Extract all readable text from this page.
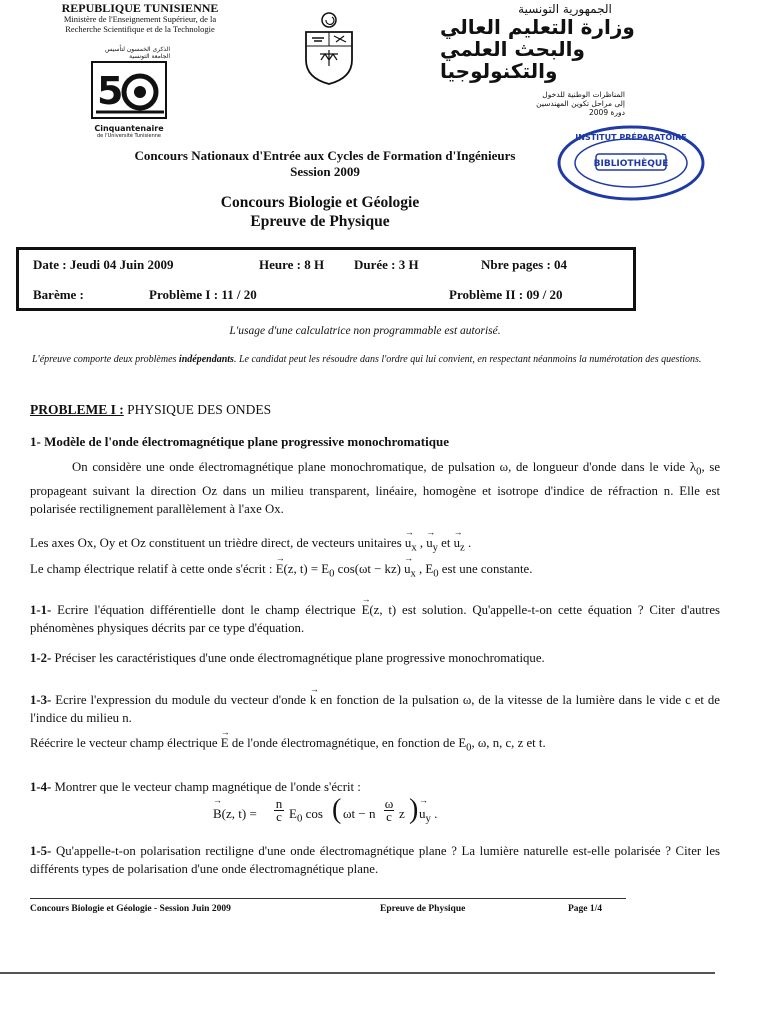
REPUBLIQUE TUNISIENNE
Ministère de l'Enseignement Supérieur, de la
Recherche Scientifique et de la Technologie
الذكرى الخمسون لتأسيس الجامعة التونسية
5
Cinquantenaire
de l'Université Tunisienne
الجمهورية التونسية
وزارة التعليم العالي
والبحث العلمي والتكنولوجيا
المناظرات الوطنية للدخول
إلى مراحل تكوين المهندسين
دورة 2009
INSTITUT PRÉPARATOIRE
BIBLIOTHÈQUE
Concours Nationaux d'Entrée aux Cycles de Formation d'Ingénieurs
Session 2009
Concours Biologie et Géologie
Epreuve de Physique
Date : Jeudi 04 Juin 2009	Heure : 8 H Durée : 3 H	Nbre pages : 04
Barème :	Problème I : 11 / 20	Problème II : 09 / 20
L'usage d'une calculatrice non programmable est autorisé.
L'épreuve comporte deux problèmes indépendants. Le candidat peut les résoudre dans l'ordre qui lui convient, en respectant néanmoins la numérotation des questions.
PROBLEME I : PHYSIQUE DES ONDES
1- Modèle de l'onde électromagnétique plane progressive monochromatique
On considère une onde électromagnétique plane monochromatique, de pulsation ω, de longueur d'onde dans le vide $\lambda_0$, se propageant suivant la direction Oz dans un milieu transparent, linéaire, homogène et isotrope d'indice de réfraction n. Elle est polarisée rectilignement parallèlement à l'axe Ox.
Les axes Ox, Oy et Oz constituent un trièdre direct, de vecteurs unitaires → $u_x$ , → $u_y$ et → $u_z$ .
Le champ électrique relatif à cette onde s'écrit : → E(z, $t) = E_0$ $\cos(\omega t - kz) \to u_x$ , $E_0$ est une constante.
1-1- Ecrire l'équation différentielle dont le champ électrique → E(z, t) est solution. Qu'appelle-t-on cette équation ? Citer d'autres phénomènes physiques décrits par ce type d'équation.
1-2- Préciser les caractéristiques d'une onde électromagnétique plane progressive monochromatique.
1-3- Ecrire l'expression du module du vecteur d'onde → k en fonction de la pulsation ω, de la vitesse de la lumière dans le vide c et de l'indice du milieu n.
Réécrire le vecteur champ électrique → E de l'onde électromagnétique, en fonction de $E_0$, ω, n, c, z et t.
1-4- Montrer que le vecteur champ magnétique de l'onde s'écrit :
→ B(z, t) =
n
c $E_0$ cos ( ωt − n
ω
c z ) → $u_y$ .
1-5- Qu'appelle-t-on polarisation rectiligne d'une onde électromagnétique plane ? La lumière naturelle est-elle polarisée ? Citer les différents types de polarisation d'une onde électromagnétique plane.
Concours Biologie et Géologie - Session Juin 2009	Epreuve de Physique	Page 1/4
